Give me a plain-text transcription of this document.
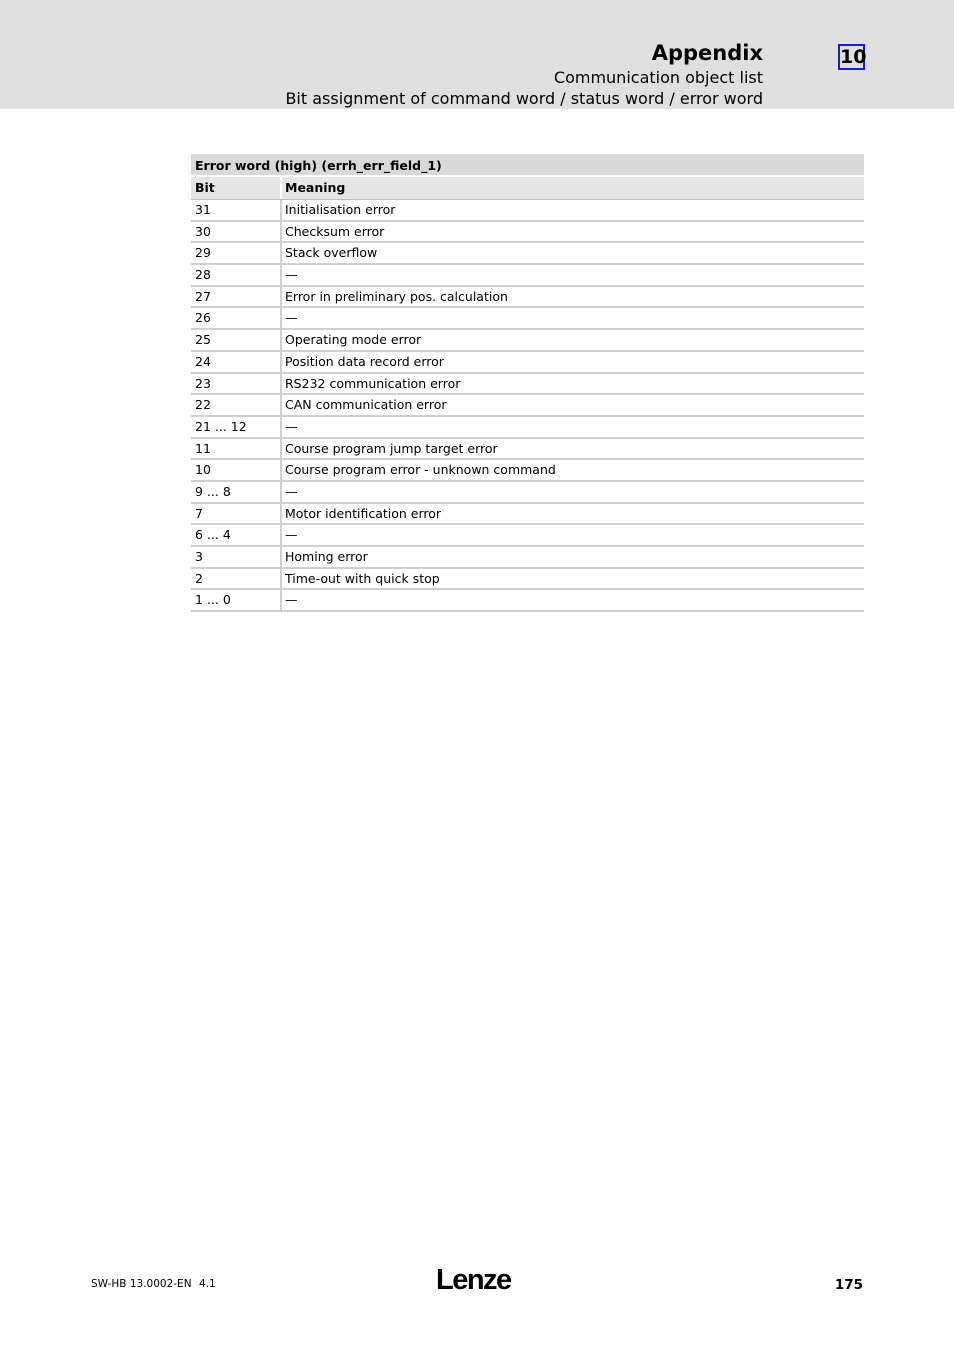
Appendix
Communication object list
Bit assignment of command word / status word / error word
10
Error word (high) (errh_err_field_1)
Bit	Meaning
31	Initialisation error
30	Checksum error
29	Stack overflow
28	—
27	Error in preliminary pos. calculation
26	—
25	Operating mode error
24	Position data record error
23	RS232 communication error
22	CAN communication error
21 ... 12	—
11	Course program jump target error
10	Course program error - unknown command
9 ... 8	—
7	Motor identification error
6 ... 4	—
3	Homing error
2	Time-out with quick stop
1 ... 0	—
SW-HB 13.0002-EN 4.1	Lenze	175
